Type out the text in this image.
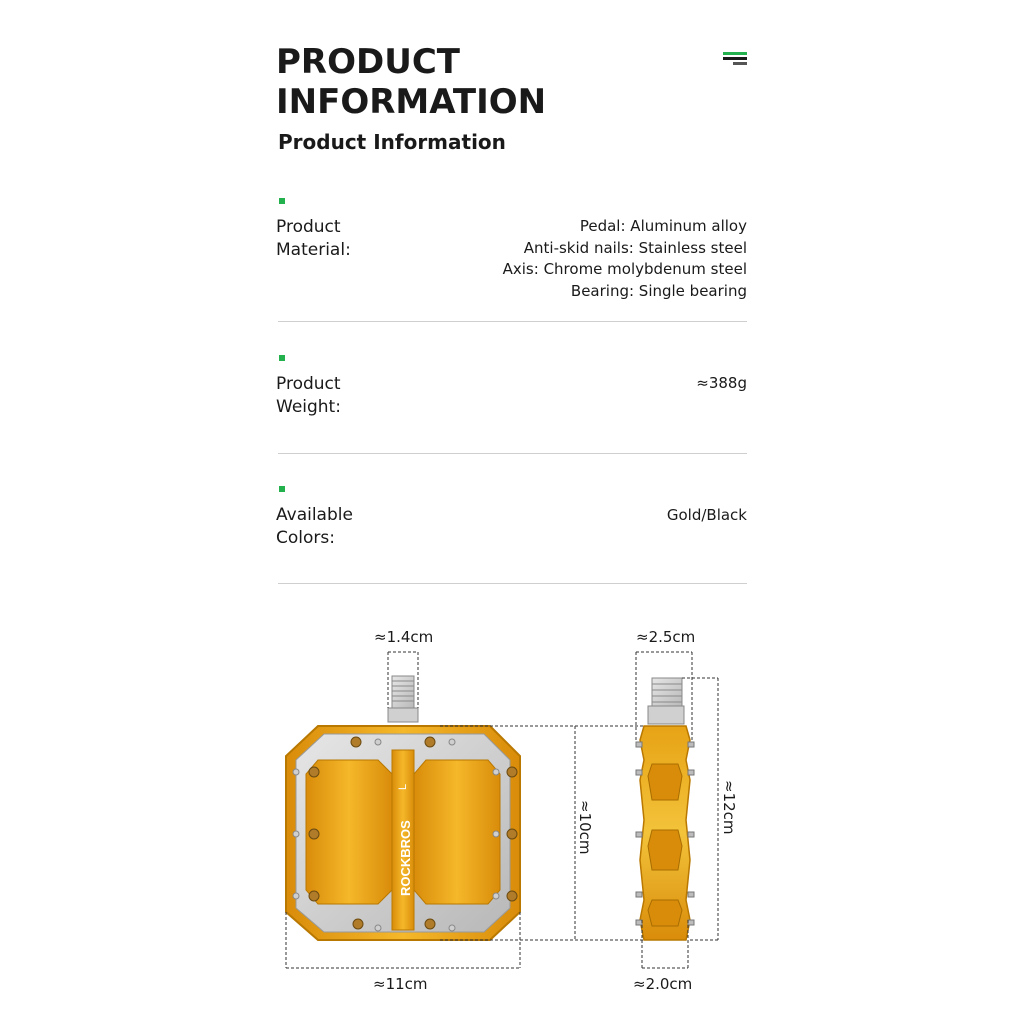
PRODUCT
INFORMATION
Product Information
Product
Material:
Pedal: Aluminum alloy
Anti-skid nails: Stainless steel
Axis: Chrome molybdenum steel
Bearing: Single bearing
Product
Weight:
≈388g
Available
Colors:
Gold/Black
ROCKBROS
L
≈1.4cm
≈11cm
≈10cm
≈2.5cm
≈2.0cm
≈12cm
